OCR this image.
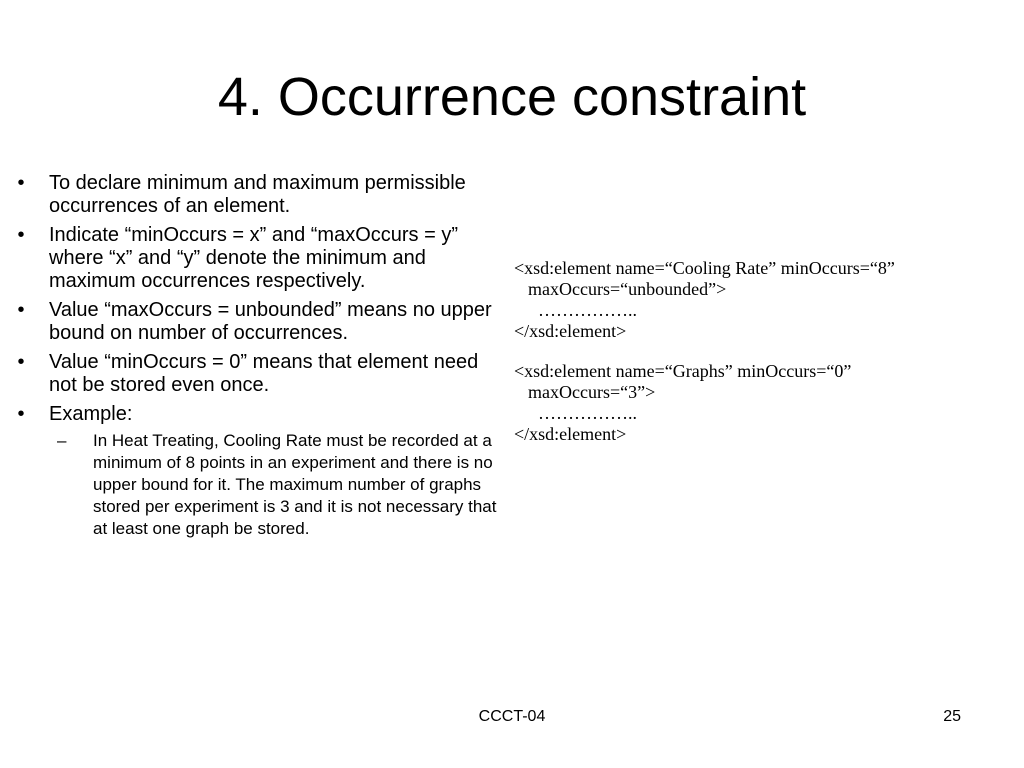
4. Occurrence constraint
• To declare minimum and maximum permissible occurrences of an element.
• Indicate “minOccurs = x” and “maxOccurs = y” where “x” and “y” denote the minimum and maximum occurrences respectively.
• Value “maxOccurs = unbounded” means no upper bound on number of occurrences.
• Value “minOccurs = 0” means that element need not be stored even once.
• Example:
– In Heat Treating, Cooling Rate must be recorded at a minimum of 8 points in an experiment and there is no upper bound for it. The maximum number of graphs stored per experiment is 3 and it is not necessary that at least one graph be stored.
<xsd:element name=“Cooling Rate” minOccurs=“8”
maxOccurs=“unbounded”>
……………..
</xsd:element>
<xsd:element name=“Graphs” minOccurs=“0”
maxOccurs=“3”>
……………..
</xsd:element>
CCCT-04	25
